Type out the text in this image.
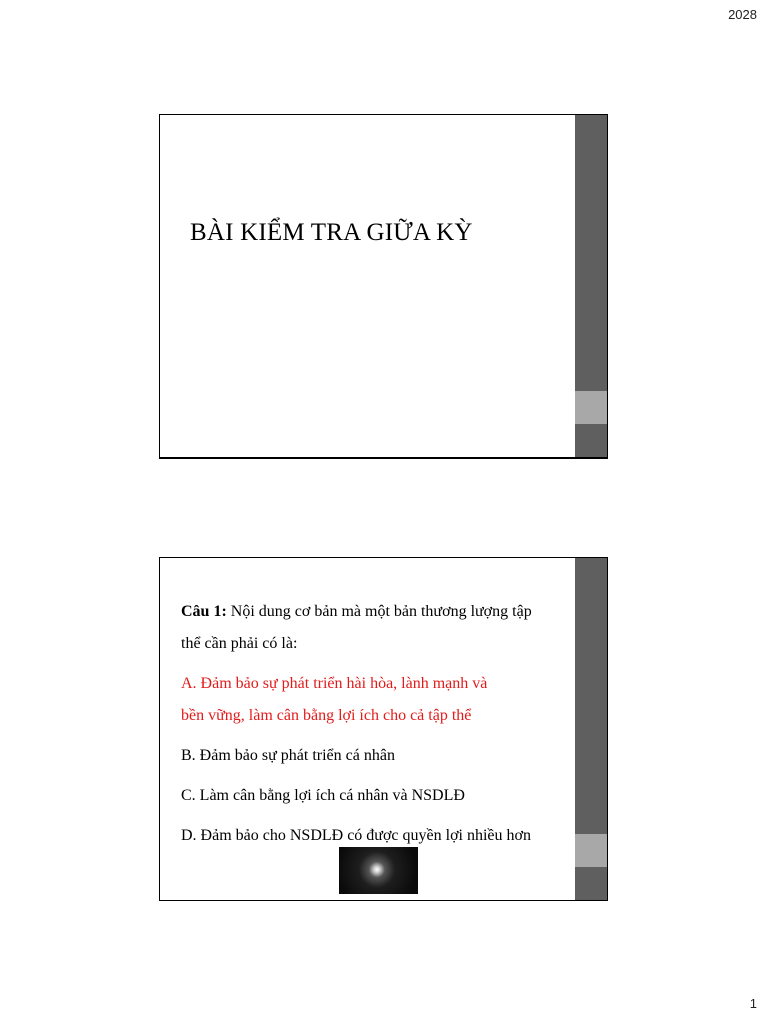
2028
BÀI KIỂM TRA GIỮA KỲ

Câu 1: Nội dung cơ bản mà một bản thương lượng tập

thể cần phải có là:

A. Đảm bảo sự phát triển hài hòa, lành mạnh và

bền vững, làm cân bằng lợi ích cho cả tập thể

B. Đảm bảo sự phát triển cá nhân

C. Làm cân bằng lợi ích cá nhân và NSDLĐ

D. Đảm bảo cho NSDLĐ có được quyền lợi nhiều hơn

1
